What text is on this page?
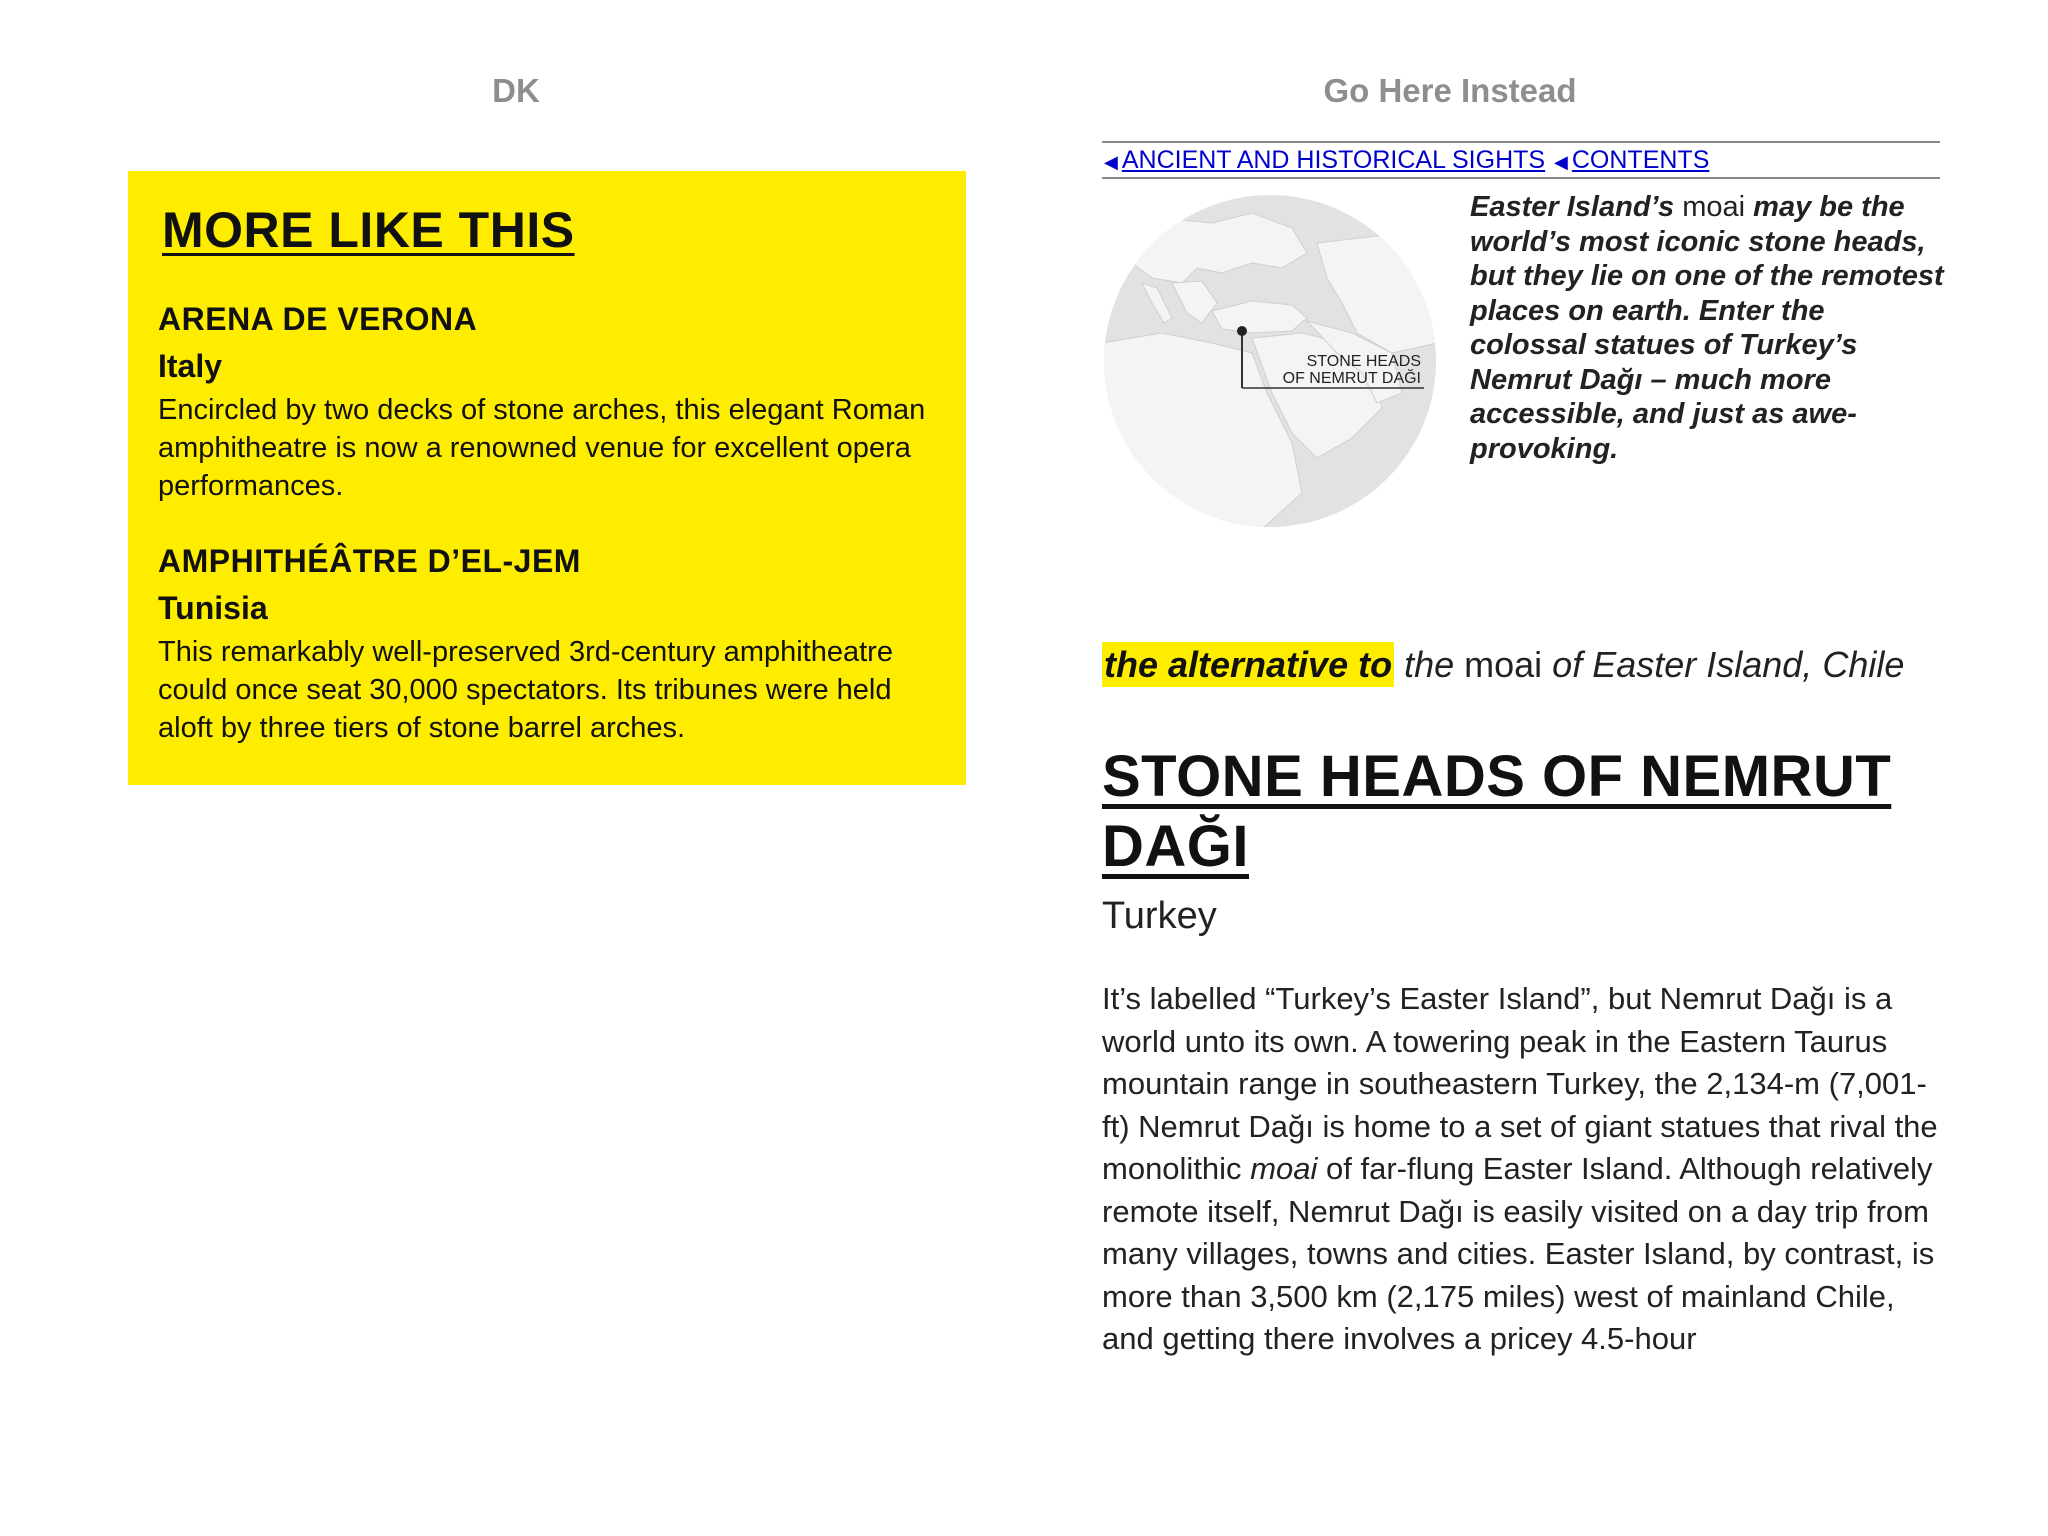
DK	Go Here Instead
MORE LIKE THIS
ARENA DE VERONA
Italy

Encircled by two decks of stone arches, this elegant Roman amphitheatre is now a renowned venue for excellent opera performances.

AMPHITHÉÂTRE D’EL-JEM
Tunisia

This remarkably well-preserved 3rd-century amphitheatre could once seat 30,000 spectators. Its tribunes were held aloft by three tiers of stone barrel arches.

◀ ANCIENT AND HISTORICAL SIGHTS ◀ CONTENTS
STONE HEADS
OF NEMRUT DAĞI
Easter Island’s moai may be the world’s most iconic stone heads, but they lie on one of the remotest places on earth. Enter the colossal statues of Turkey’s Nemrut Dağı – much more accessible, and just as awe-provoking.
the alternative to the moai of Easter Island, Chile
STONE HEADS OF NEMRUT DAĞI
Turkey

It’s labelled “Turkey’s Easter Island”, but Nemrut Dağı is a world unto its own. A towering peak in the Eastern Taurus mountain range in southeastern Turkey, the 2,134-m (7,001-ft) Nemrut Dağı is home to a set of giant statues that rival the monolithic moai of far-flung Easter Island. Although relatively remote itself, Nemrut Dağı is easily visited on a day trip from many villages, towns and cities. Easter Island, by contrast, is more than 3,500 km (2,175 miles) west of mainland Chile, and getting there involves a pricey 4.5-hour
